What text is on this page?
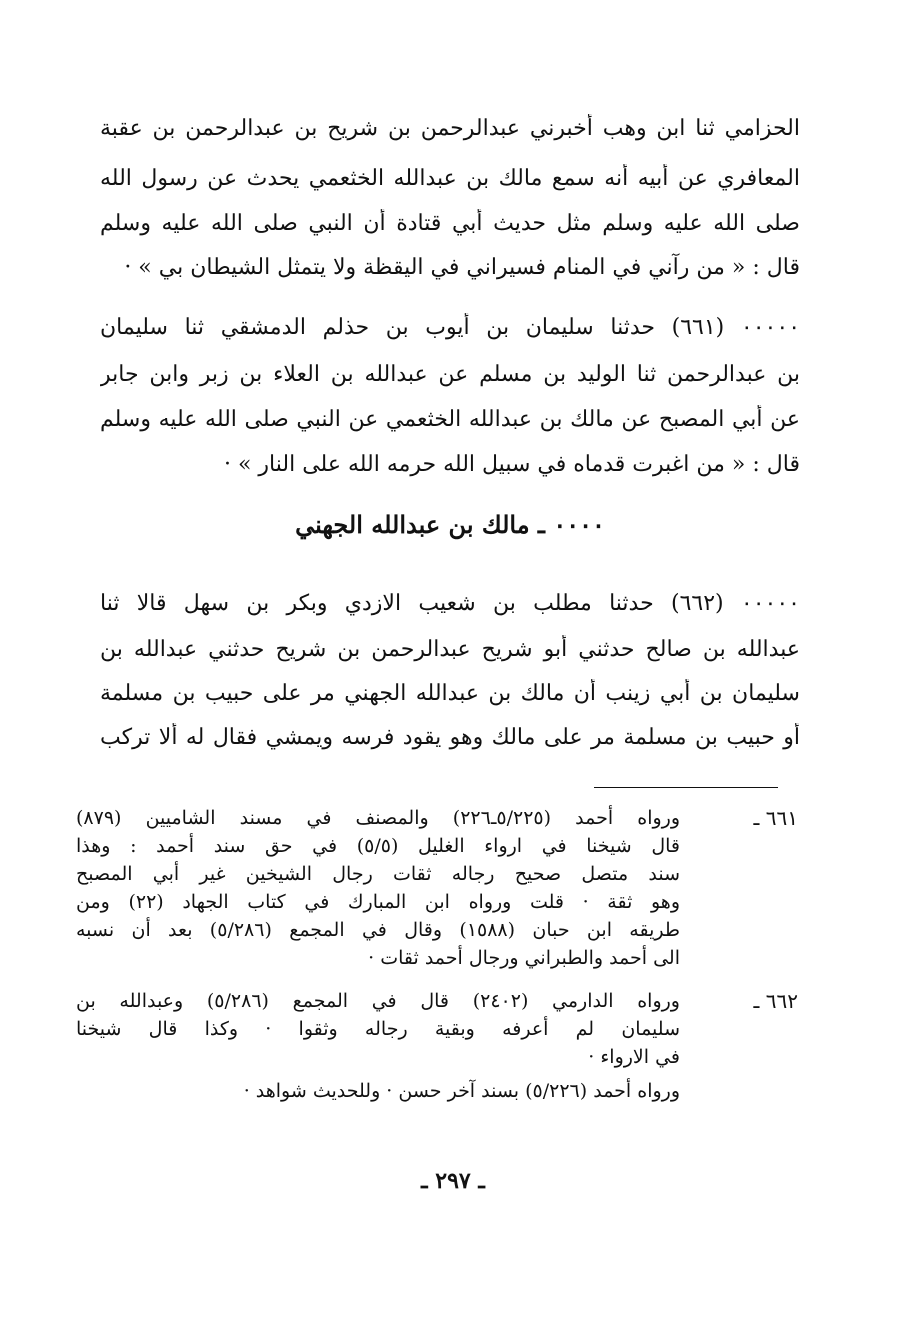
الحزامي ثنا ابن وهب أخبرني عبدالرحمن بن شريح بن عبدالرحمن بن عقبة
المعافري عن أبيه أنه سمع مالك بن عبدالله الخثعمي يحدث عن رسول الله
صلى الله عليه وسلم مثل حديث أبي قتادة أن النبي صلى الله عليه وسلم
قال : « من رآني في المنام فسيراني في اليقظة ولا يتمثل الشيطان بي » ·
٠٠٠٠٠ (٦٦١) حدثنا سليمان بن أيوب بن حذلم الدمشقي ثنا سليمان
بن عبدالرحمن ثنا الوليد بن مسلم عن عبدالله بن العلاء بن زبر وابن جابر
عن أبي المصبح عن مالك بن عبدالله الخثعمي عن النبي صلى الله عليه وسلم
قال : « من اغبرت قدماه في سبيل الله حرمه الله على النار » ·
٠٠٠٠ ـ مالك بن عبدالله الجهني
٠٠٠٠٠ (٦٦٢) حدثنا مطلب بن شعيب الازدي وبكر بن سهل قالا ثنا
عبدالله بن صالح حدثني أبو شريح عبدالرحمن بن شريح حدثني عبدالله بن
سليمان بن أبي زينب أن مالك بن عبدالله الجهني مر على حبيب بن مسلمة
أو حبيب بن مسلمة مر على مالك وهو يقود فرسه ويمشي فقال له ألا تركب
٦٦١ ـ
ورواه أحمد (٥/٢٢٥ـ٢٢٦) والمصنف في مسند الشاميين (٨٧٩)
قال شيخنا في ارواء الغليل (٥/٥) في حق سند أحمد : وهذا
سند متصل صحيح رجاله ثقات رجال الشيخين غير أبي المصبح
وهو ثقة · قلت ورواه ابن المبارك في كتاب الجهاد (٢٢) ومن
طريقه ابن حبان (١٥٨٨) وقال في المجمع (٥/٢٨٦) بعد أن نسبه
الى أحمد والطبراني ورجال أحمد ثقات ·
٦٦٢ ـ
ورواه الدارمي (٢٤٠٢) قال في المجمع (٥/٢٨٦) وعبدالله بن
سليمان لم أعرفه وبقية رجاله وثقوا · وكذا قال شيخنا
في الارواء ·
ورواه أحمد (٥/٢٢٦) بسند آخر حسن · وللحديث شواهد ·
ـ ٢٩٧ ـ
